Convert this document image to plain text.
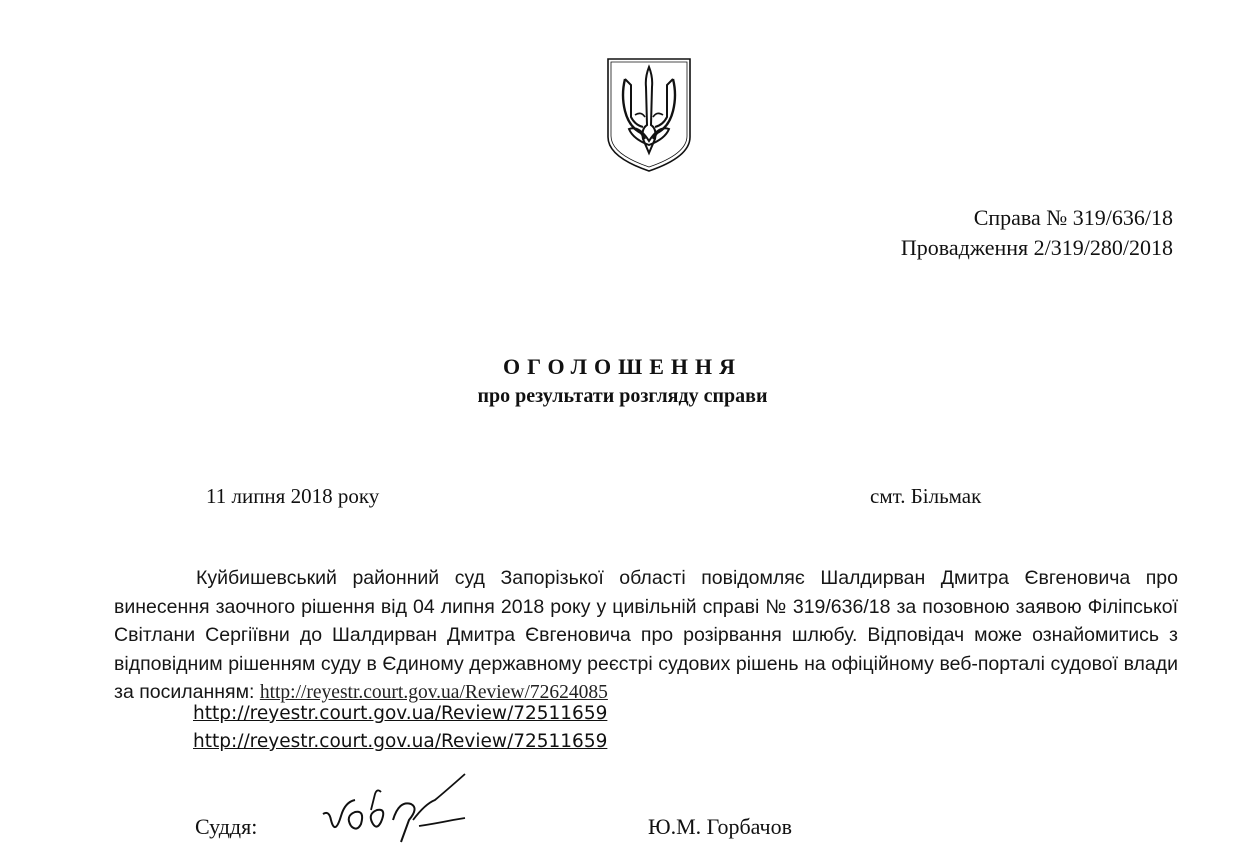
Справа № 319/636/18
Провадження 2/319/280/2018
ОГОЛОШЕННЯ
про результати розгляду справи
11 липня 2018 року	смт. Більмак
Куйбишевський районний суд Запорізької області повідомляє Шалдирван Дмитра Євгеновича про винесення заочного рішення від 04 липня 2018 року у цивільній справі № 319/636/18 за позовною заявою Філіпської Світлани Сергіївни до Шалдирван Дмитра Євгеновича про розірвання шлюбу. Відповідач може ознайомитись з відповідним рішенням суду в Єдиному державному реєстрі судових рішень на офіційному веб-порталі судової влади за посиланням: http://reyestr.court.gov.ua/Review/72624085
http://reyestr.court.gov.ua/Review/72511659
http://reyestr.court.gov.ua/Review/72511659
Суддя:	Ю.М. Горбачов
